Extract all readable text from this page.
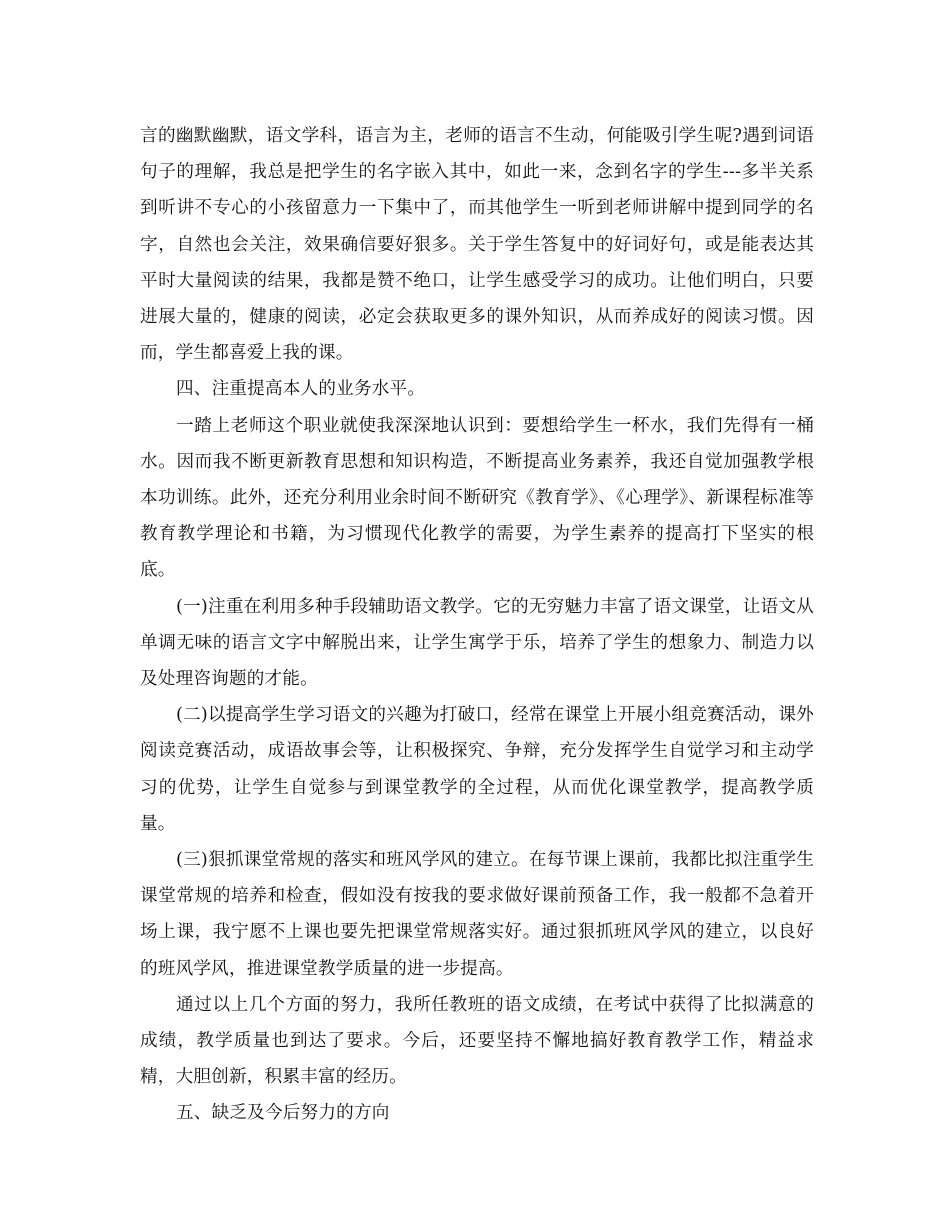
言的幽默幽默，语文学科，语言为主，老师的语言不生动，何能吸引学生呢?遇到词语句子的理解，我总是把学生的名字嵌入其中，如此一来，念到名字的学生---多半关系到听讲不专心的小孩留意力一下集中了，而其他学生一听到老师讲解中提到同学的名字，自然也会关注，效果确信要好狠多。关于学生答复中的好词好句，或是能表达其平时大量阅读的结果，我都是赞不绝口，让学生感受学习的成功。让他们明白，只要进展大量的，健康的阅读，必定会获取更多的课外知识，从而养成好的阅读习惯。因而，学生都喜爱上我的课。

四、注重提高本人的业务水平。

一踏上老师这个职业就使我深深地认识到：要想给学生一杯水，我们先得有一桶水。因而我不断更新教育思想和知识构造，不断提高业务素养，我还自觉加强教学根本功训练。此外，还充分利用业余时间不断研究《教育学》、《心理学》、新课程标准等教育教学理论和书籍，为习惯现代化教学的需要，为学生素养的提高打下坚实的根底。

(一)注重在利用多种手段辅助语文教学。它的无穷魅力丰富了语文课堂，让语文从单调无味的语言文字中解脱出来，让学生寓学于乐，培养了学生的想象力、制造力以及处理咨询题的才能。

(二)以提高学生学习语文的兴趣为打破口，经常在课堂上开展小组竞赛活动，课外阅读竞赛活动，成语故事会等，让积极探究、争辩，充分发挥学生自觉学习和主动学习的优势，让学生自觉参与到课堂教学的全过程，从而优化课堂教学，提高教学质量。

(三)狠抓课堂常规的落实和班风学风的建立。在每节课上课前，我都比拟注重学生课堂常规的培养和检查，假如没有按我的要求做好课前预备工作，我一般都不急着开场上课，我宁愿不上课也要先把课堂常规落实好。通过狠抓班风学风的建立，以良好的班风学风，推进课堂教学质量的进一步提高。

通过以上几个方面的努力，我所任教班的语文成绩，在考试中获得了比拟满意的成绩，教学质量也到达了要求。今后，还要坚持不懈地搞好教育教学工作，精益求精，大胆创新，积累丰富的经历。

五、缺乏及今后努力的方向
